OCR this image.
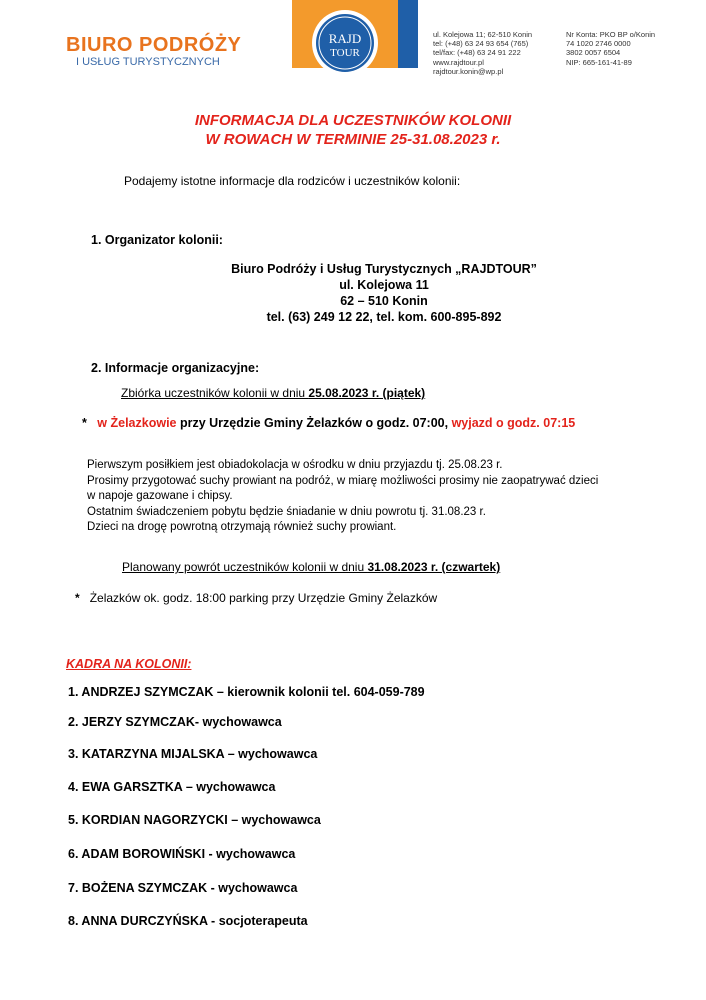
BIURO PODRÓŻY
I USŁUG TURYSTYCZNYCH
RAJD
TOUR
ul. Kolejowa 11; 62-510 Konin
tel: (+48) 63 24 93 654 (765)
tel/fax: (+48) 63 24 91 222
www.rajdtour.pl
rajdtour.konin@wp.pl
Nr Konta: PKO BP o/Konin
74 1020 2746 0000
3802 0057 6504
NIP: 665-161-41-89
INFORMACJA DLA UCZESTNIKÓW KOLONII
W ROWACH W TERMINIE 25-31.08.2023 r.
Podajemy istotne informacje dla rodziców i uczestników kolonii:
1. Organizator kolonii:
Biuro Podróży i Usług Turystycznych „RAJDTOUR”
ul. Kolejowa 11
62 – 510 Konin
tel. (63) 249 12 22, tel. kom. 600-895-892
2. Informacje organizacyjne:
Zbiórka uczestników kolonii w dniu 25.08.2023 r. (piątek)
* w Żelazkowie przy Urzędzie Gminy Żelazków o godz. 07:00, wyjazd o godz. 07:15
Pierwszym posiłkiem jest obiadokolacja w ośrodku w dniu przyjazdu tj. 25.08.23 r.
Prosimy przygotować suchy prowiant na podróż, w miarę możliwości prosimy nie zaopatrywać dzieci
w napoje gazowane i chipsy.
Ostatnim świadczeniem pobytu będzie śniadanie w dniu powrotu tj. 31.08.23 r.
Dzieci na drogę powrotną otrzymają również suchy prowiant.
Planowany powrót uczestników kolonii w dniu 31.08.2023 r. (czwartek)
* Żelazków ok. godz. 18:00 parking przy Urzędzie Gminy Żelazków
KADRA NA KOLONII:
1. ANDRZEJ SZYMCZAK – kierownik kolonii tel. 604-059-789
2. JERZY SZYMCZAK- wychowawca
3. KATARZYNA MIJALSKA – wychowawca
4. EWA GARSZTKA – wychowawca
5. KORDIAN NAGORZYCKI – wychowawca
6. ADAM BOROWIŃSKI - wychowawca
7. BOŻENA SZYMCZAK - wychowawca
8. ANNA DURCZYŃSKA - socjoterapeuta
